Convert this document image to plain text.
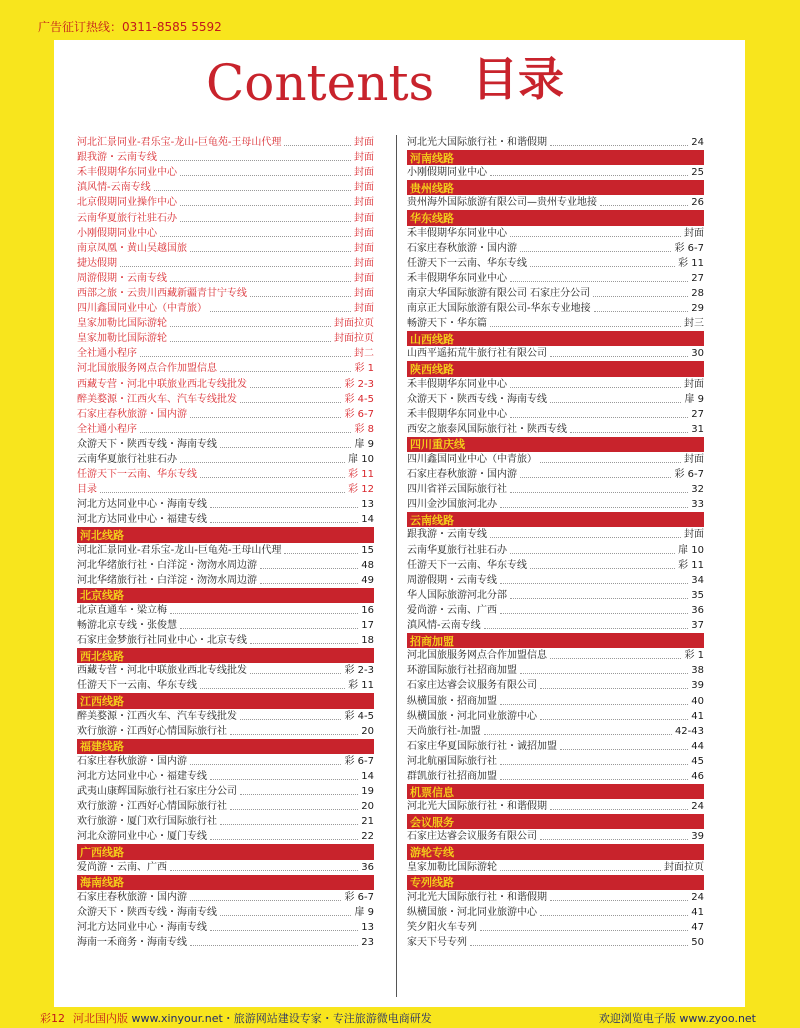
广告征订热线：0311-8585 5592
Contents 目录
河北汇景同业-君乐宝-龙山-巨龟苑-王母山代理	封面
跟我游・云南专线	封面
禾丰假期华东同业中心	封面
滇风情-云南专线	封面
北京假期同业操作中心	封面
云南华夏旅行社驻石办	封面
小刚假期同业中心	封面
南京凤凰・黄山吴越国旅	封面
捷达假期	封面
周游假期・云南专线	封面
西部之旅・云贵川西藏新疆青甘宁专线	封面
四川鑫国同业中心（中青旅）	封面
皇家加勒比国际游轮	封面拉页
皇家加勒比国际游轮	封面拉页
全社通小程序	封二
河北国旅服务网点合作加盟信息	彩 1
西藏专营・河北中联旅业西北专线批发	彩 2-3
醉美婺源・江西火车、汽车专线批发	彩 4-5
石家庄春秋旅游・国内游	彩 6-7
全社通小程序	彩 8
众游天下・陕西专线・海南专线	扉 9
云南华夏旅行社驻石办	扉 10
任游天下一云南、华东专线	彩 11
目录	彩 12
河北方达同业中心・海南专线	13
河北方达同业中心・福建专线	14
河北线路
河北汇景同业-君乐宝-龙山-巨龟苑-王母山代理	15
河北华绪旅行社・白洋淀・沕沕水周边游	48
河北华绪旅行社・白洋淀・沕沕水周边游	49
北京线路
北京直通车・梁立梅	16
畅游北京专线・张俊慧	17
石家庄金梦旅行社同业中心・北京专线	18
西北线路
西藏专营・河北中联旅业西北专线批发	彩 2-3
任游天下一云南、华东专线	彩 11
江西线路
醉美婺源・江西火车、汽车专线批发	彩 4-5
欢行旅游・江西好心情国际旅行社	20
福建线路
石家庄春秋旅游・国内游	彩 6-7
河北方达同业中心・福建专线	14
武夷山康辉国际旅行社石家庄分公司	19
欢行旅游・江西好心情国际旅行社	20
欢行旅游・厦门欢行国际旅行社	21
河北众游同业中心・厦门专线	22
广西线路
爱尚游・云南、广西	36
海南线路
石家庄春秋旅游・国内游	彩 6-7
众游天下・陕西专线・海南专线	扉 9
河北方达同业中心・海南专线	13
海南一禾商务・海南专线	23
河北光大国际旅行社・和谐假期	24
河南线路
小刚假期同业中心	25
贵州线路
贵州海外国际旅游有限公司—贵州专业地接	26
华东线路
禾丰假期华东同业中心	封面
石家庄春秋旅游・国内游	彩 6-7
任游天下一云南、华东专线	彩 11
禾丰假期华东同业中心	27
南京大华国际旅游有限公司 石家庄分公司	28
南京正大国际旅游有限公司-华东专业地接	29
畅游天下・华东篇	封三
山西线路
山西平遥拓荒牛旅行社有限公司	30
陕西线路
禾丰假期华东同业中心	封面
众游天下・陕西专线・海南专线	扉 9
禾丰假期华东同业中心	27
西安之旅泰风国际旅行社・陕西专线	31
四川重庆线
四川鑫国同业中心（中青旅）	封面
石家庄春秋旅游・国内游	彩 6-7
四川省祥云国际旅行社	32
四川金沙国旅河北办	33
云南线路
跟我游・云南专线	封面
云南华夏旅行社驻石办	扉 10
任游天下一云南、华东专线	彩 11
周游假期・云南专线	34
华人国际旅游河北分部	35
爱尚游・云南、广西	36
滇风情-云南专线	37
招商加盟
河北国旅服务网点合作加盟信息	彩 1
环游国际旅行社招商加盟	38
石家庄达睿会议服务有限公司	39
纵横国旅・招商加盟	40
纵横国旅・河北同业旅游中心	41
天尚旅行社-加盟	42-43
石家庄华夏国际旅行社・诚招加盟	44
河北航丽国际旅行社	45
群凯旅行社招商加盟	46
机票信息
河北光大国际旅行社・和谐假期	24
会议服务
石家庄达睿会议服务有限公司	39
游轮专线
皇家加勒比国际游轮	封面拉页
专列线路
河北光大国际旅行社・和谐假期	24
纵横国旅・河北同业旅游中心	41
笑夕阳火车专列	47
家天下号专列	50
彩12 河北国内版 www.xinyour.net・旅游网站建设专家・专注旅游微电商研发	欢迎浏览电子版 www.zyoo.net
